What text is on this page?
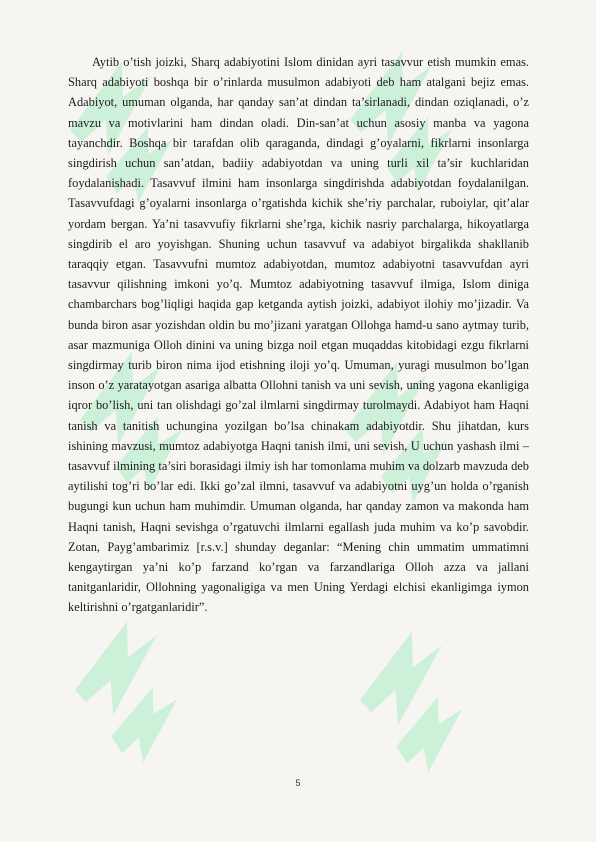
Aytib o’tish joizki, Sharq adabiyotini Islom dinidan ayri tasavvur etish mumkin emas. Sharq adabiyoti boshqa bir o’rinlarda musulmon adabiyoti deb ham atalgani bejiz emas. Adabiyot, umuman olganda, har qanday san’at dindan ta’sirlanadi, dindan oziqlanadi, o’z mavzu va motivlarini ham dindan oladi. Din-san’at uchun asosiy manba va yagona tayanchdir. Boshqa bir tarafdan olib qaraganda, dindagi g’oyalarni, fikrlarni insonlarga singdirish uchun san’atdan, badiiy adabiyotdan va uning turli xil ta’sir kuchlaridan foydalanishadi. Tasavvuf ilmini ham insonlarga singdirishda adabiyotdan foydalanilgan. Tasavvufdagi g’oyalarni insonlarga o’rgatishda kichik she’riy parchalar, ruboiylar, qit’alar yordam bergan. Ya’ni tasavvufiy fikrlarni she’rga, kichik nasriy parchalarga, hikoyatlarga singdirib el aro yoyishgan. Shuning uchun tasavvuf va adabiyot birgalikda shakllanib taraqqiy etgan. Tasavvufni mumtoz adabiyotdan, mumtoz adabiyotni tasavvufdan ayri tasavvur qilishning imkoni yo’q. Mumtoz adabiyotning tasavvuf ilmiga, Islom diniga chambarchars bog’liqligi haqida gap ketganda aytish joizki, adabiyot ilohiy mo’jizadir. Va bunda biron asar yozishdan oldin bu mo’jizani yaratgan Ollohga hamd-u sano aytmay turib, asar mazmuniga Olloh dinini va uning bizga noil etgan muqaddas kitobidagi ezgu fikrlarni singdirmay turib biron nima ijod etishning iloji yo’q. Umuman, yuragi musulmon bo’lgan inson o’z yaratayotgan asariga albatta Ollohni tanish va uni sevish, uning yagona ekanligiga iqror bo’lish, uni tan olishdagi go’zal ilmlarni singdirmay turolmaydi. Adabiyot ham Haqni tanish va tanitish uchungina yozilgan bo’lsa chinakam adabiyotdir. Shu jihatdan, kurs ishining mavzusi, mumtoz adabiyotga Haqni tanish ilmi, uni sevish, U uchun yashash ilmi – tasavvuf ilmining ta’siri borasidagi ilmiy ish har tomonlama muhim va dolzarb mavzuda deb aytilishi tog’ri bo’lar edi. Ikki go’zal ilmni, tasavvuf va adabiyotni uyg’un holda o’rganish bugungi kun uchun ham muhimdir. Umuman olganda, har qanday zamon va makonda ham Haqni tanish, Haqni sevishga o’rgatuvchi ilmlarni egallash juda muhim va ko’p savobdir. Zotan, Payg’ambarimiz [r.s.v.] shunday deganlar: “Mening chin ummatim ummatimni kengaytirgan ya’ni ko’p farzand ko’rgan va farzandlariga Olloh azza va jallani tanitganlaridir, Ollohning yagonaligiga va men Uning Yerdagi elchisi ekanligimga iymon keltirishni o’rgatganlaridir”.

5
